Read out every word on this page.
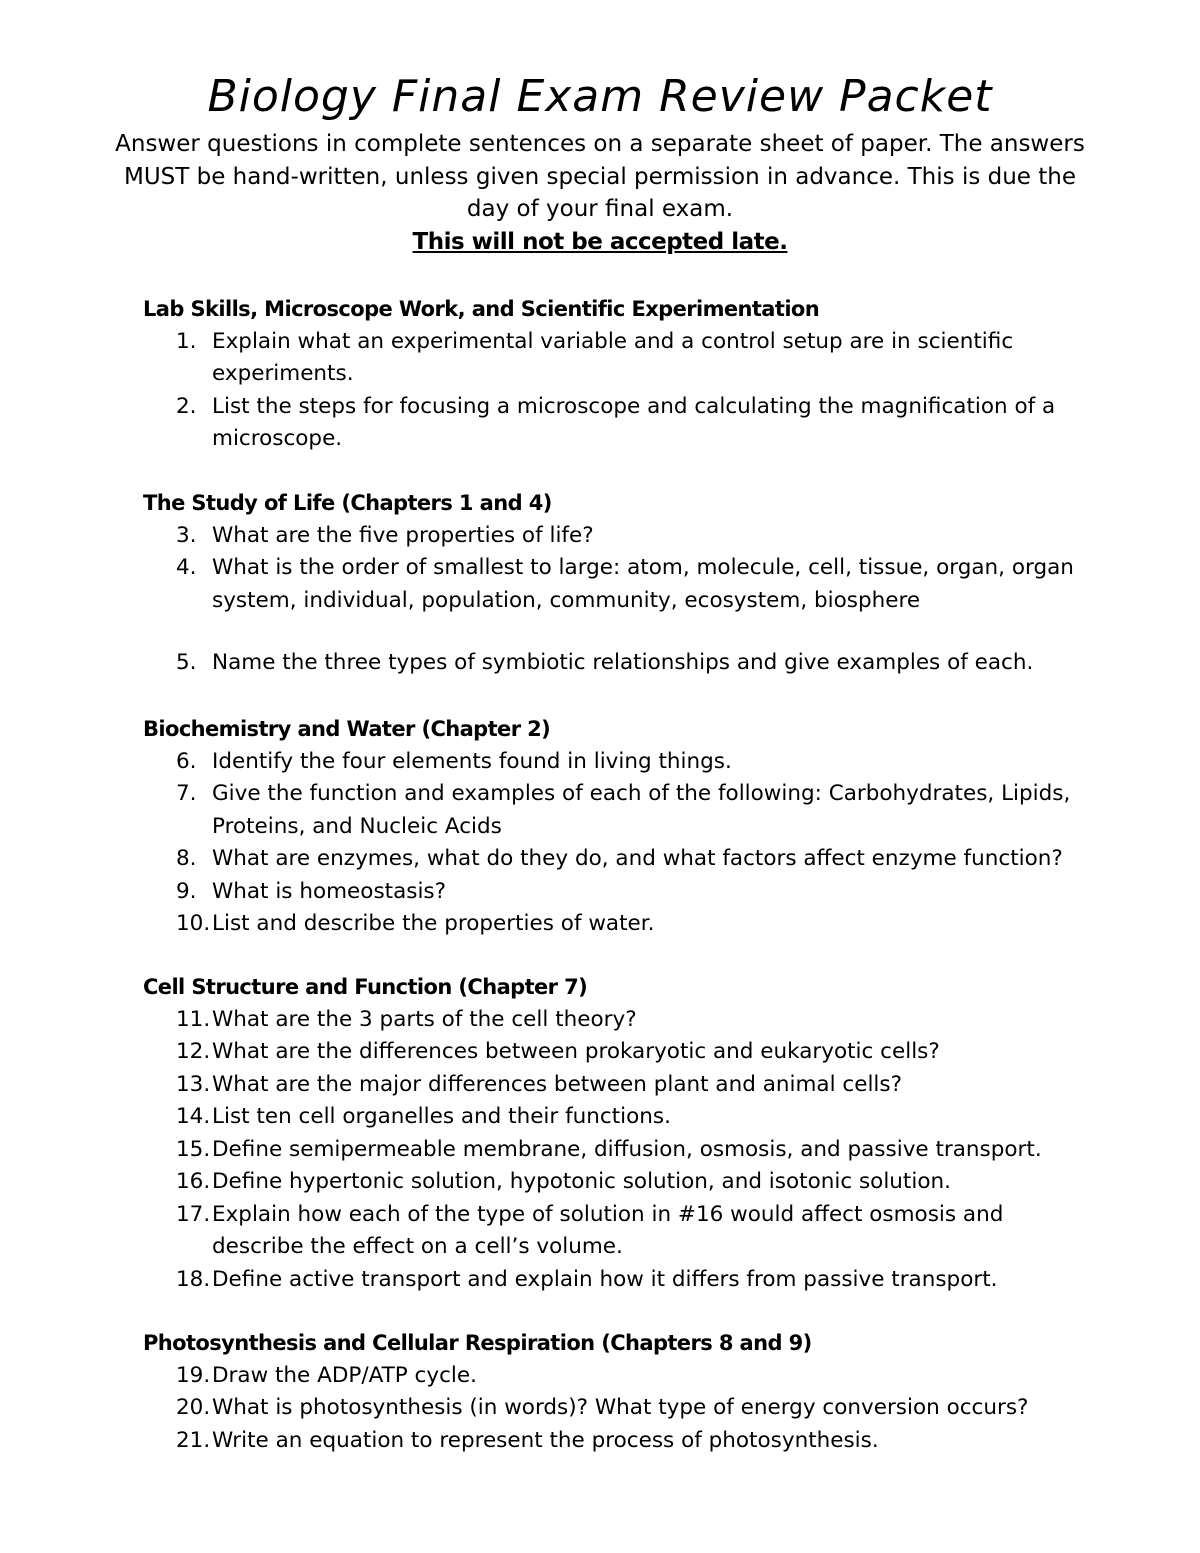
Biology Final Exam Review Packet

Answer questions in complete sentences on a separate sheet of paper. The answers MUST be hand-written, unless given special permission in advance. This is due the day of your final exam.

This will not be accepted late.

Lab Skills, Microscope Work, and Scientific Experimentation
1. Explain what an experimental variable and a control setup are in scientific experiments.
2. List the steps for focusing a microscope and calculating the magnification of a microscope.
The Study of Life (Chapters 1 and 4)
3. What are the five properties of life?
4. What is the order of smallest to large: atom, molecule, cell, tissue, organ, organ system, individual, population, community, ecosystem, biosphere
5. Name the three types of symbiotic relationships and give examples of each.
Biochemistry and Water (Chapter 2)
6. Identify the four elements found in living things.
7. Give the function and examples of each of the following: Carbohydrates, Lipids, Proteins, and Nucleic Acids
8. What are enzymes, what do they do, and what factors affect enzyme function?
9. What is homeostasis?
10. List and describe the properties of water.
Cell Structure and Function (Chapter 7)
11. What are the 3 parts of the cell theory?
12. What are the differences between prokaryotic and eukaryotic cells?
13. What are the major differences between plant and animal cells?
14. List ten cell organelles and their functions.
15. Define semipermeable membrane, diffusion, osmosis, and passive transport.
16. Define hypertonic solution, hypotonic solution, and isotonic solution.
17. Explain how each of the type of solution in #16 would affect osmosis and describe the effect on a cell’s volume.
18. Define active transport and explain how it differs from passive transport.
Photosynthesis and Cellular Respiration (Chapters 8 and 9)
19. Draw the ADP/ATP cycle.
20. What is photosynthesis (in words)? What type of energy conversion occurs?
21. Write an equation to represent the process of photosynthesis.
